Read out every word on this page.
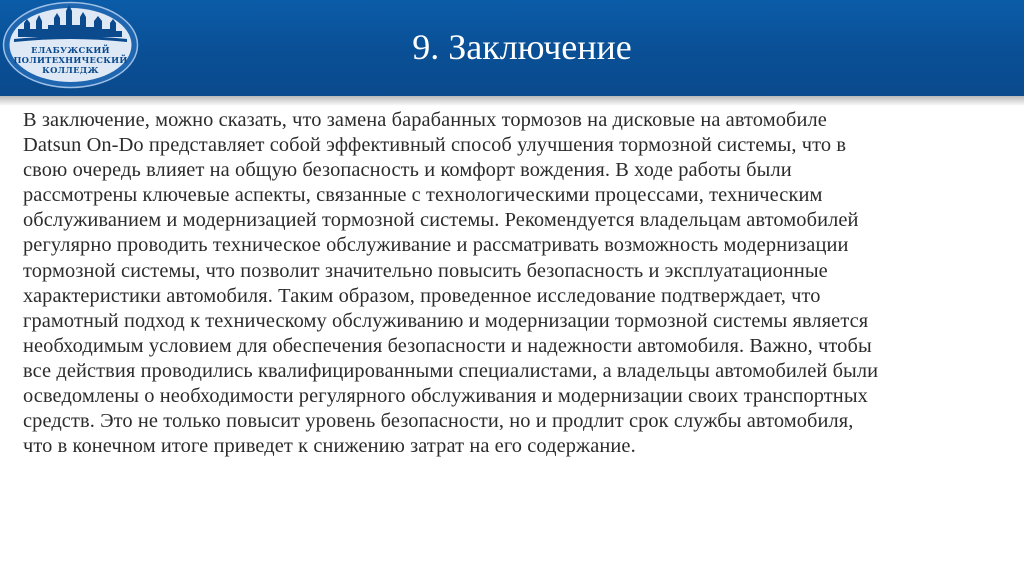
ЕЛАБУЖСКИЙ
ПОЛИТЕХНИЧЕСКИЙ
КОЛЛЕДЖ
9. Заключение

В заключение, можно сказать, что замена барабанных тормозов на дисковые на автомобиле
Datsun On-Do представляет собой эффективный способ улучшения тормозной системы, что в
свою очередь влияет на общую безопасность и комфорт вождения. В ходе работы были
рассмотрены ключевые аспекты, связанные с технологическими процессами, техническим
обслуживанием и модернизацией тормозной системы. Рекомендуется владельцам автомобилей
регулярно проводить техническое обслуживание и рассматривать возможность модернизации
тормозной системы, что позволит значительно повысить безопасность и эксплуатационные
характеристики автомобиля. Таким образом, проведенное исследование подтверждает, что
грамотный подход к техническому обслуживанию и модернизации тормозной системы является
необходимым условием для обеспечения безопасности и надежности автомобиля. Важно, чтобы
все действия проводились квалифицированными специалистами, а владельцы автомобилей были
осведомлены о необходимости регулярного обслуживания и модернизации своих транспортных
средств. Это не только повысит уровень безопасности, но и продлит срок службы автомобиля,
что в конечном итоге приведет к снижению затрат на его содержание.
